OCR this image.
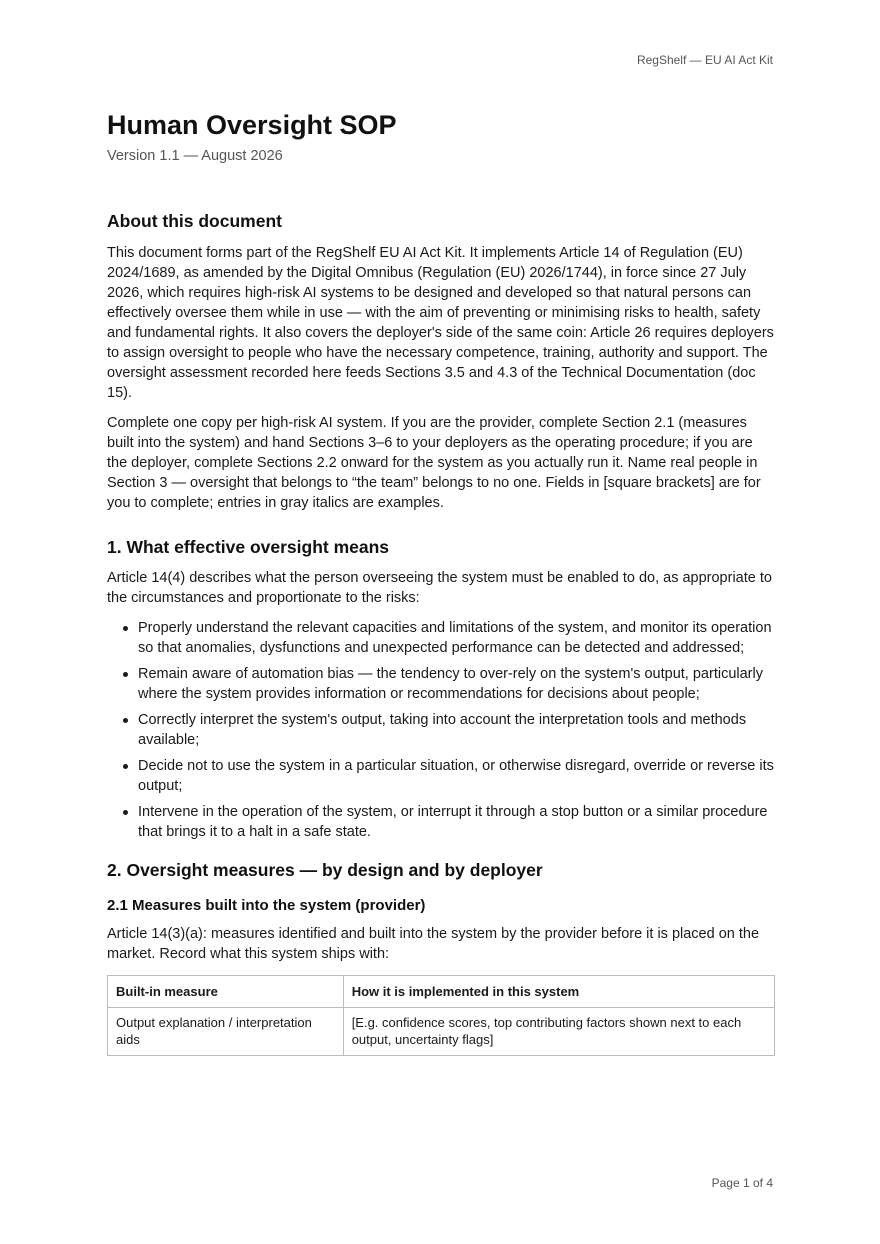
RegShelf — EU AI Act Kit
Human Oversight SOP

Version 1.1 — August 2026

About this document

This document forms part of the RegShelf EU AI Act Kit. It implements Article 14 of Regulation (EU) 2024/1689, as amended by the Digital Omnibus (Regulation (EU) 2026/1744), in force since 27 July 2026, which requires high-risk AI systems to be designed and developed so that natural persons can effectively oversee them while in use — with the aim of preventing or minimising risks to health, safety and fundamental rights. It also covers the deployer's side of the same coin: Article 26 requires deployers to assign oversight to people who have the necessary competence, training, authority and support. The oversight assessment recorded here feeds Sections 3.5 and 4.3 of the Technical Documentation (doc 15).

Complete one copy per high-risk AI system. If you are the provider, complete Section 2.1 (measures built into the system) and hand Sections 3–6 to your deployers as the operating procedure; if you are the deployer, complete Sections 2.2 onward for the system as you actually run it. Name real people in Section 3 — oversight that belongs to “the team” belongs to no one. Fields in [square brackets] are for you to complete; entries in gray italics are examples.

1. What effective oversight means

Article 14(4) describes what the person overseeing the system must be enabled to do, as appropriate to the circumstances and proportionate to the risks:

Properly understand the relevant capacities and limitations of the system, and monitor its operation so that anomalies, dysfunctions and unexpected performance can be detected and addressed;
Remain aware of automation bias — the tendency to over-rely on the system's output, particularly where the system provides information or recommendations for decisions about people;
Correctly interpret the system's output, taking into account the interpretation tools and methods available;
Decide not to use the system in a particular situation, or otherwise disregard, override or reverse its output;
Intervene in the operation of the system, or interrupt it through a stop button or a similar procedure that brings it to a halt in a safe state.
2. Oversight measures — by design and by deployer
2.1 Measures built into the system (provider)

Article 14(3)(a): measures identified and built into the system by the provider before it is placed on the market. Record what this system ships with:

Built-in measure	How it is implemented in this system
Output explanation / interpretation aids	[E.g. confidence scores, top contributing factors shown next to each output, uncertainty flags]
Page 1 of 4
